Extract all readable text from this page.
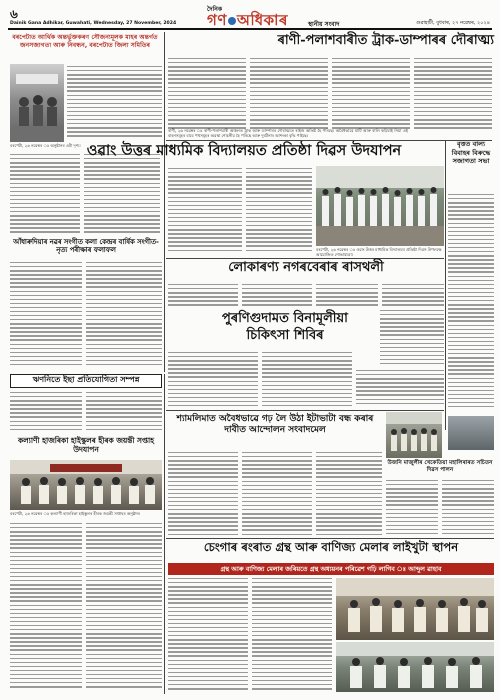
৬
Dainik Gana Adhikar, Guwahati, Wednesday, 27 November, 2024
দৈনিক
গণ অধিকাৰ	স্থানীয় সংবাদ	গুৱাহাটী, বুধবাৰ, ২৭ নৱেম্বৰ, ২০২৪
বৰপেটাত আৰ্থিক অন্তৰ্ভূক্তকৰণ সৌজন্যমূলক মাহৰ অন্তৰ্গত জনসজাগতা আৰু নিবন্ধন, বৰপেটাত জিলা সমিতিৰ
বৰপেটা, ২৬ নৱেম্বৰ ঃ অনুষ্ঠানৰ এটা দৃশ্য।
ৰাণী-পলাশবাৰীত ট্ৰাক-ডাম্পাৰৰ দৌৰাত্ম্য
ৰাণী, ২৬ নৱেম্বৰ ঃ ৰাণী-পলাশবাৰী অঞ্চলত ট্ৰাক আৰু ডাম্পাৰৰ দৌৰাত্ম্যত ৰাইজ অতিষ্ঠ হৈ পৰিছে। অবৈধভাৱে মাটি আৰু বালি কঢ়িয়াই নিয়া এই বাহনসমূহৰ বাবে পথসমূহৰ অৱস্থা শোচনীয় হৈ পৰিছে আৰু দুৰ্ঘটনাৰ আশংকা বৃদ্ধি পাইছে।
ওৱাং উত্তৰ মাধ্যমিক বিদ্যালয়ত প্ৰতিষ্ঠা দিৱস উদযাপন	বৃত্তত বাল্য বিবাহৰ বিৰুদ্ধে সজাগতা সভা
বৰপেটা, ২৬ নৱেম্বৰ ঃ ওৱাং উত্তৰ মাধ্যমিক বিদ্যালয়ৰ প্ৰতিষ্ঠা দিৱস উপলক্ষে আয়োজিত শোভাযাত্ৰা।
আঁধাৰুদিয়াৰ নৱৰ সংগীত কলা কেন্দ্ৰৰ বাৰ্ষিক সংগীত-নৃত্য পৰীক্ষাৰ ফলাফল
লোকাৰণ্য নগৰবেৰাৰ ৰাসথলী
পুৰণিগুদামত বিনামূলীয়া চিকিৎসা শিবিৰ
ঋণনিতে ইছা প্ৰতিযোগিতা সম্পন্ন
কল্যাণী হাজৰিকা হাইস্কুলৰ হীৰক জয়ন্তী সপ্তাহ উদযাপন
উজনি মাজুলীৰ খেকেতিয়া মহালিৰাৰত সচিতন দিৱস পালন
শ্যামলিমাত অবৈধভাৱে গঢ় লৈ উঠা ইটাভাটা বন্ধ কৰাৰ দাবীত আন্দোলন সংবাদমেল
বৰপেটা, ২৬ নৱেম্বৰ ঃ কল্যাণী হাজৰিকা হাইস্কুলৰ হীৰক জয়ন্তী সপ্তাহৰ অনুষ্ঠান।
চেংগাৰ ৰংৰাত গ্ৰন্থ আৰু বাণিজ্য মেলাৰ লাইখুটা স্থাপন
গ্ৰন্থ আৰু বাণিজ্য মেলাৰ জৰিয়তে গ্ৰন্থ অধ্যয়নৰ পৰিৱেশ গঢ়ি লাগিব ঃ আব্দুল ৱাহাব
